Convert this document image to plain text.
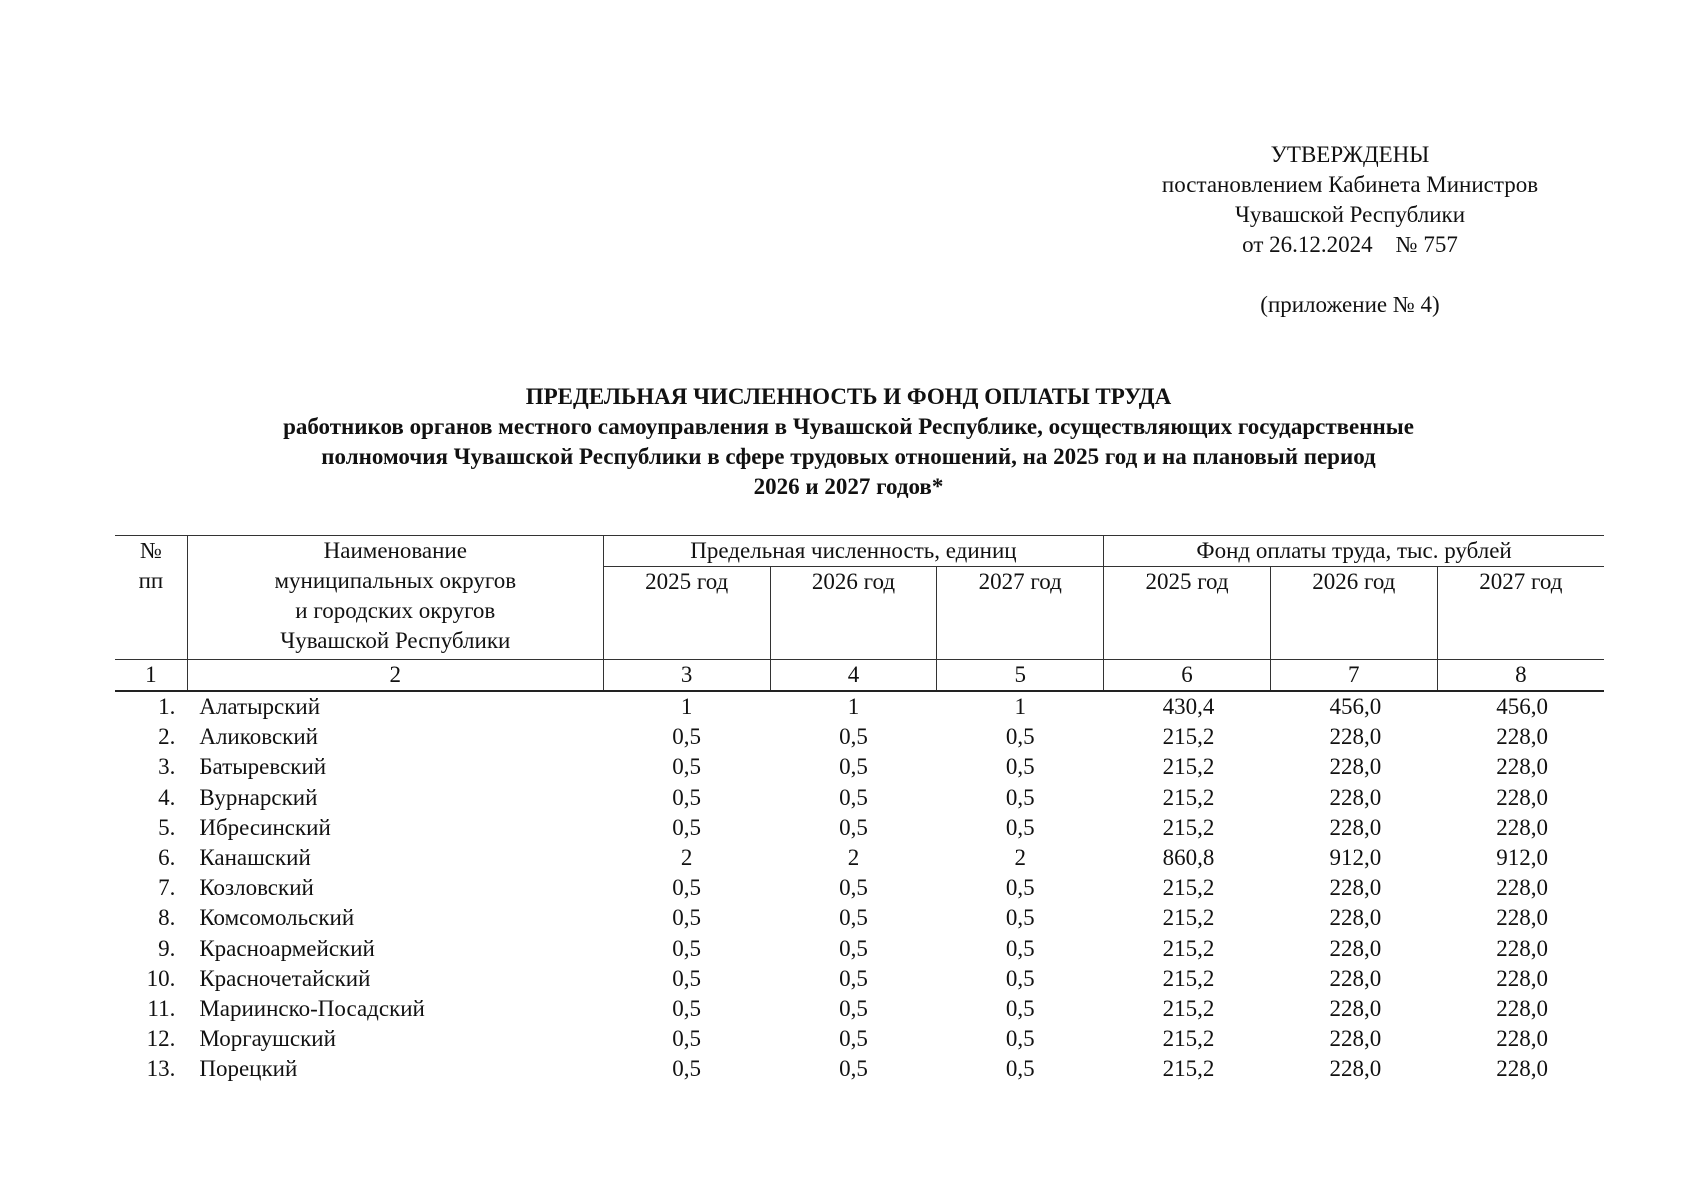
УТВЕРЖДЕНЫ
постановлением Кабинета Министров
Чувашской Республики
от 26.12.2024    № 757
(приложение № 4)
ПРЕДЕЛЬНАЯ ЧИСЛЕННОСТЬ И ФОНД ОПЛАТЫ ТРУДА
работников органов местного самоуправления в Чувашской Республике, осуществляющих государственные
полномочия Чувашской Республики в сфере трудовых отношений, на 2025 год и на плановый период
2026 и 2027 годов*
№
пп	Наименование
муниципальных округов
и городских округов
Чувашской Республики	Предельная численность, единиц			Фонд оплаты труда, тыс. рублей		
		2025 год	2026 год	2027 год	2025 год	2026 год	2027 год
1	2	3	4	5	6	7	8
1.	Алатырский	1	1	1	430,4	456,0	456,0
2.	Аликовский	0,5	0,5	0,5	215,2	228,0	228,0
3.	Батыревский	0,5	0,5	0,5	215,2	228,0	228,0
4.	Вурнарский	0,5	0,5	0,5	215,2	228,0	228,0
5.	Ибресинский	0,5	0,5	0,5	215,2	228,0	228,0
6.	Канашский	2	2	2	860,8	912,0	912,0
7.	Козловский	0,5	0,5	0,5	215,2	228,0	228,0
8.	Комсомольский	0,5	0,5	0,5	215,2	228,0	228,0
9.	Красноармейский	0,5	0,5	0,5	215,2	228,0	228,0
10.	Красночетайский	0,5	0,5	0,5	215,2	228,0	228,0
11.	Мариинско-Посадский	0,5	0,5	0,5	215,2	228,0	228,0
12.	Моргаушский	0,5	0,5	0,5	215,2	228,0	228,0
13.	Порецкий	0,5	0,5	0,5	215,2	228,0	228,0
